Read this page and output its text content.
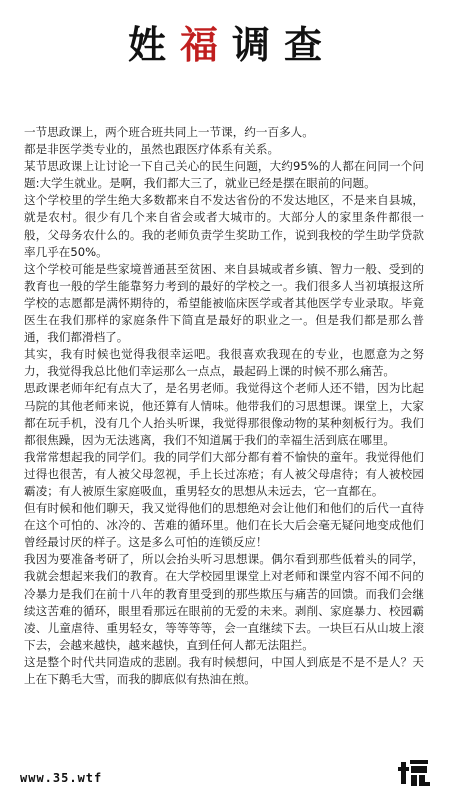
姓 福 调 查

一节思政课上，两个班合班共同上一节课，约一百多人。

都是非医学类专业的，虽然也跟医疗体系有关系。

某节思政课上让讨论一下自己关心的民生问题，大约95%的人都在问同一个问题:大学生就业。是啊，我们都大三了，就业已经是摆在眼前的问题。

这个学校里的学生绝大多数都来自不发达省份的不发达地区，不是来自县城，就是农村。很少有几个来自省会或者大城市的。大部分人的家里条件都很一般，父母务农什么的。我的老师负责学生奖助工作，说到我校的学生助学贷款率几乎在50%。

这个学校可能是些家境普通甚至贫困、来自县城或者乡镇、智力一般、受到的教育也一般的学生能靠努力考到的最好的学校之一。我们很多人当初填报这所学校的志愿都是满怀期待的，希望能被临床医学或者其他医学专业录取。毕竟医生在我们那样的家庭条件下简直是最好的职业之一。但是我们都是那么普通，我们都滑档了。

其实，我有时候也觉得我很幸运吧。我很喜欢我现在的专业，也愿意为之努力，我觉得我总比他们幸运那么一点点，最起码上课的时候不那么痛苦。

思政课老师年纪有点大了，是名男老师。我觉得这个老师人还不错，因为比起马院的其他老师来说，他还算有人情味。他带我们的习思想课。课堂上，大家都在玩手机，没有几个人抬头听课，我觉得那很像动物的某种刻板行为。我们都很焦躁，因为无法逃离，我们不知道属于我们的幸福生活到底在哪里。

我常常想起我的同学们。我的同学们大部分都有着不愉快的童年。我觉得他们过得也很苦，有人被父母忽视，手上长过冻疮；有人被父母虐待；有人被校园霸凌；有人被原生家庭吸血，重男轻女的思想从未远去，它一直都在。

但有时候和他们聊天，我又觉得他们的思想绝对会让他们和他们的后代一直待在这个可怕的、冰冷的、苦难的循环里。他们在长大后会毫无疑问地变成他们曾经最讨厌的样子。这是多么可怕的连锁反应！

我因为要准备考研了，所以会抬头听习思想课。偶尔看到那些低着头的同学，我就会想起来我们的教育。在大学校园里课堂上对老师和课堂内容不闻不问的冷暴力是我们在前十八年的教育里受到的那些欺压与痛苦的回馈。而我们会继续这苦难的循环，眼里看那远在眼前的无爱的未来。剥削、家庭暴力、校园霸凌、儿童虐待、重男轻女，等等等等，会一直继续下去。一块巨石从山坡上滚下去，会越来越快，越来越快，直到任何人都无法阻拦。

这是整个时代共同造成的悲剧。我有时候想问，中国人到底是不是不是人？天上在下鹅毛大雪，而我的脚底似有热油在煎。

www.35.wtf
